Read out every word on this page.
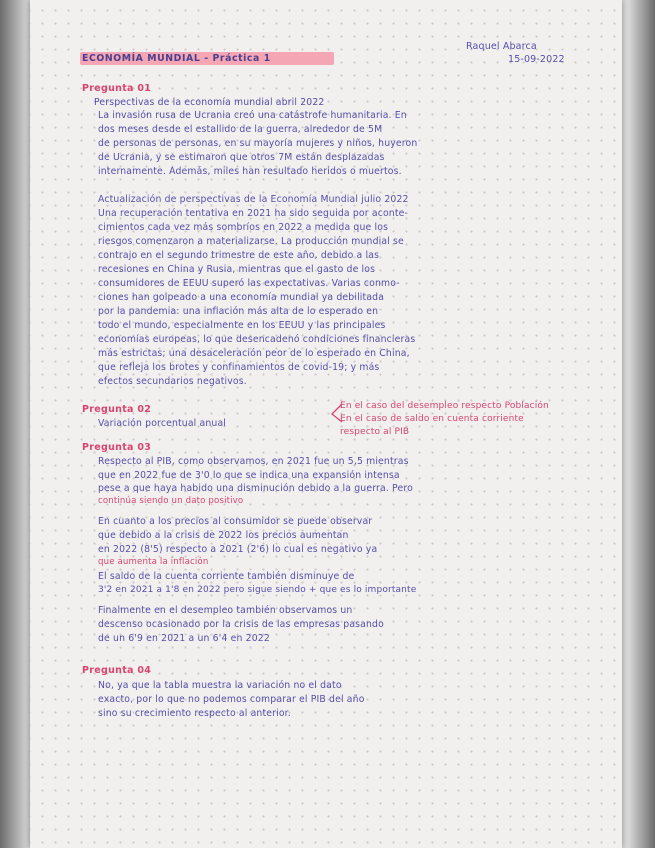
ECONOMÍA MUNDIAL - Práctica 1
Raquel Abarca
15-09-2022
Pregunta 01
Perspectivas de la economía mundial abril 2022
La invasión rusa de Ucrania creó una catástrofe humanitaria. En
dos meses desde el estallido de la guerra, alrededor de 5M
de personas de personas, en su mayoría mujeres y niños, huyeron
de Ucrania, y se estimaron que otros 7M están desplazadas
internamente. Además, miles han resultado heridos o muertos.
Actualización de perspectivas de la Economía Mundial julio 2022
Una recuperación tentativa en 2021 ha sido seguida por aconte-
cimientos cada vez más sombríos en 2022 a medida que los
riesgos comenzaron a materializarse. La producción mundial se
contrajo en el segundo trimestre de este año, debido a las
recesiones en China y Rusia, mientras que el gasto de los
consumidores de EEUU superó las expectativas. Varias conmo-
ciones han golpeado a una economía mundial ya debilitada
por la pandemia: una inflación más alta de lo esperado en
todo el mundo, especialmente en los EEUU y las principales
economías europeas, lo que desencadenó condiciones financieras
más estrictas; una desaceleración peor de lo esperado en China,
que refleja los brotes y confinamientos de covid-19; y más
efectos secundarios negativos.
Pregunta 02
Variación porcentual anual
En el caso del desempleo respecto Población
En el caso de saldo en cuenta corriente
respecto al PIB
Pregunta 03
Respecto al PIB, como observamos, en 2021 fue un 5,5 mientras
que en 2022 fue de 3'0 lo que se indica una expansión intensa
pese a que haya habido una disminución debido a la guerra. Pero
continúa siendo un dato positivo
En cuanto a los precios al consumidor se puede observar
que debido a la crisis de 2022 los precios aumentan
en 2022 (8'5) respecto a 2021 (2'6) lo cual es negativo ya
que aumenta la inflación
El saldo de la cuenta corriente también disminuye de
3'2 en 2021 a 1'8 en 2022 pero sigue siendo + que es lo importante
Finalmente en el desempleo también observamos un
descenso ocasionado por la crisis de las empresas pasando
de un 6'9 en 2021 a un 6'4 en 2022
Pregunta 04
No, ya que la tabla muestra la variación no el dato
exacto, por lo que no podemos comparar el PIB del año
sino su crecimiento respecto al anterior.
